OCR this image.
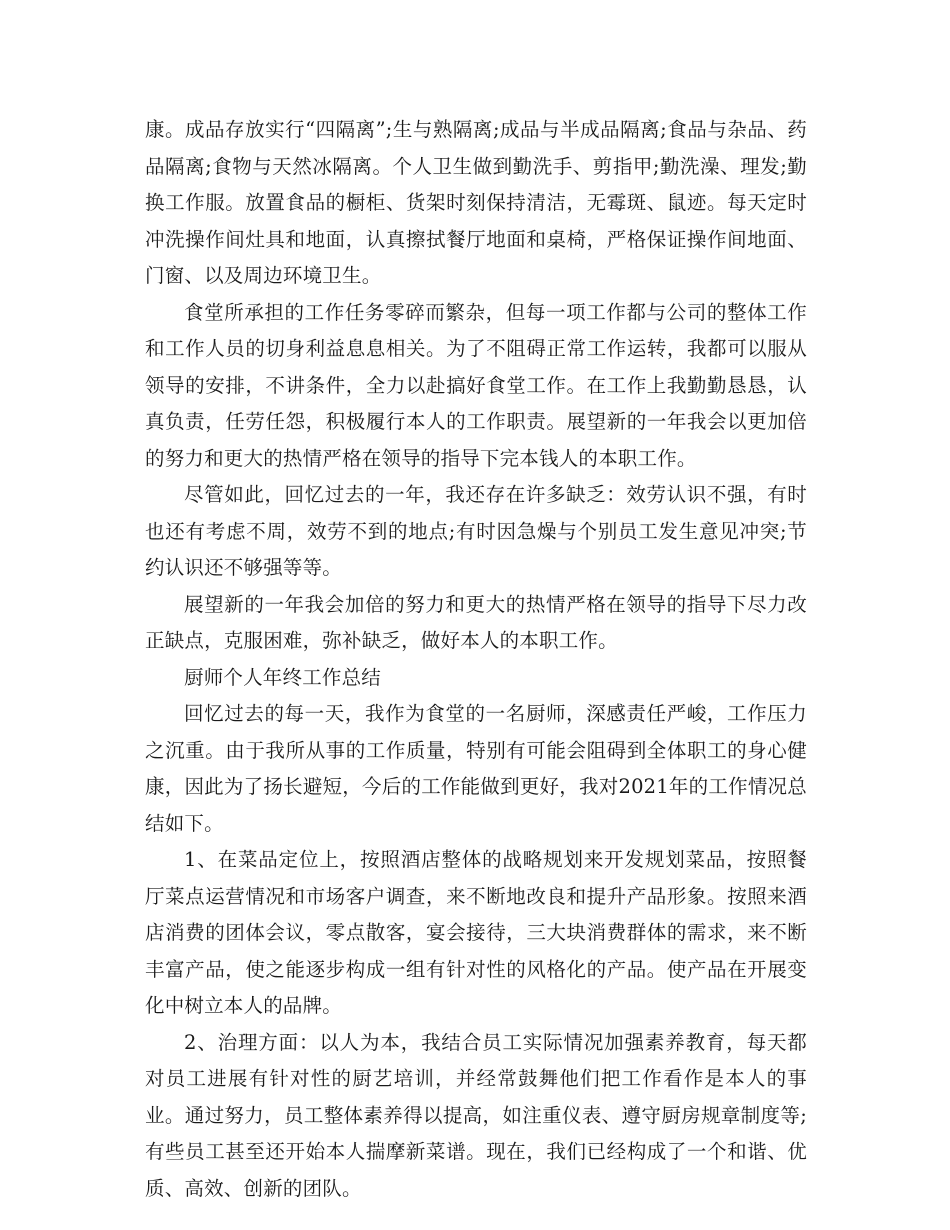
康。成品存放实行“四隔离”;生与熟隔离;成品与半成品隔离;食品与杂品、药品隔离;食物与天然冰隔离。个人卫生做到勤洗手、剪指甲;勤洗澡、理发;勤换工作服。放置食品的橱柜、货架时刻保持清洁，无霉斑、鼠迹。每天定时冲洗操作间灶具和地面，认真擦拭餐厅地面和桌椅，严格保证操作间地面、门窗、以及周边环境卫生。

食堂所承担的工作任务零碎而繁杂，但每一项工作都与公司的整体工作和工作人员的切身利益息息相关。为了不阻碍正常工作运转，我都可以服从领导的安排，不讲条件，全力以赴搞好食堂工作。在工作上我勤勤恳恳，认真负责，任劳任怨，积极履行本人的工作职责。展望新的一年我会以更加倍的努力和更大的热情严格在领导的指导下完本钱人的本职工作。

尽管如此，回忆过去的一年，我还存在许多缺乏：效劳认识不强，有时也还有考虑不周，效劳不到的地点;有时因急燥与个别员工发生意见冲突;节约认识还不够强等等。

展望新的一年我会加倍的努力和更大的热情严格在领导的指导下尽力改正缺点，克服困难，弥补缺乏，做好本人的本职工作。

厨师个人年终工作总结

回忆过去的每一天，我作为食堂的一名厨师，深感责任严峻，工作压力之沉重。由于我所从事的工作质量，特别有可能会阻碍到全体职工的身心健康，因此为了扬长避短，今后的工作能做到更好，我对2021年的工作情况总结如下。

1、在菜品定位上，按照酒店整体的战略规划来开发规划菜品，按照餐厅菜点运营情况和市场客户调查，来不断地改良和提升产品形象。按照来酒店消费的团体会议，零点散客，宴会接待，三大块消费群体的需求，来不断丰富产品，使之能逐步构成一组有针对性的风格化的产品。使产品在开展变化中树立本人的品牌。

2、治理方面：以人为本，我结合员工实际情况加强素养教育，每天都对员工进展有针对性的厨艺培训，并经常鼓舞他们把工作看作是本人的事业。通过努力，员工整体素养得以提高，如注重仪表、遵守厨房规章制度等;有些员工甚至还开始本人揣摩新菜谱。现在，我们已经构成了一个和谐、优质、高效、创新的团队。
